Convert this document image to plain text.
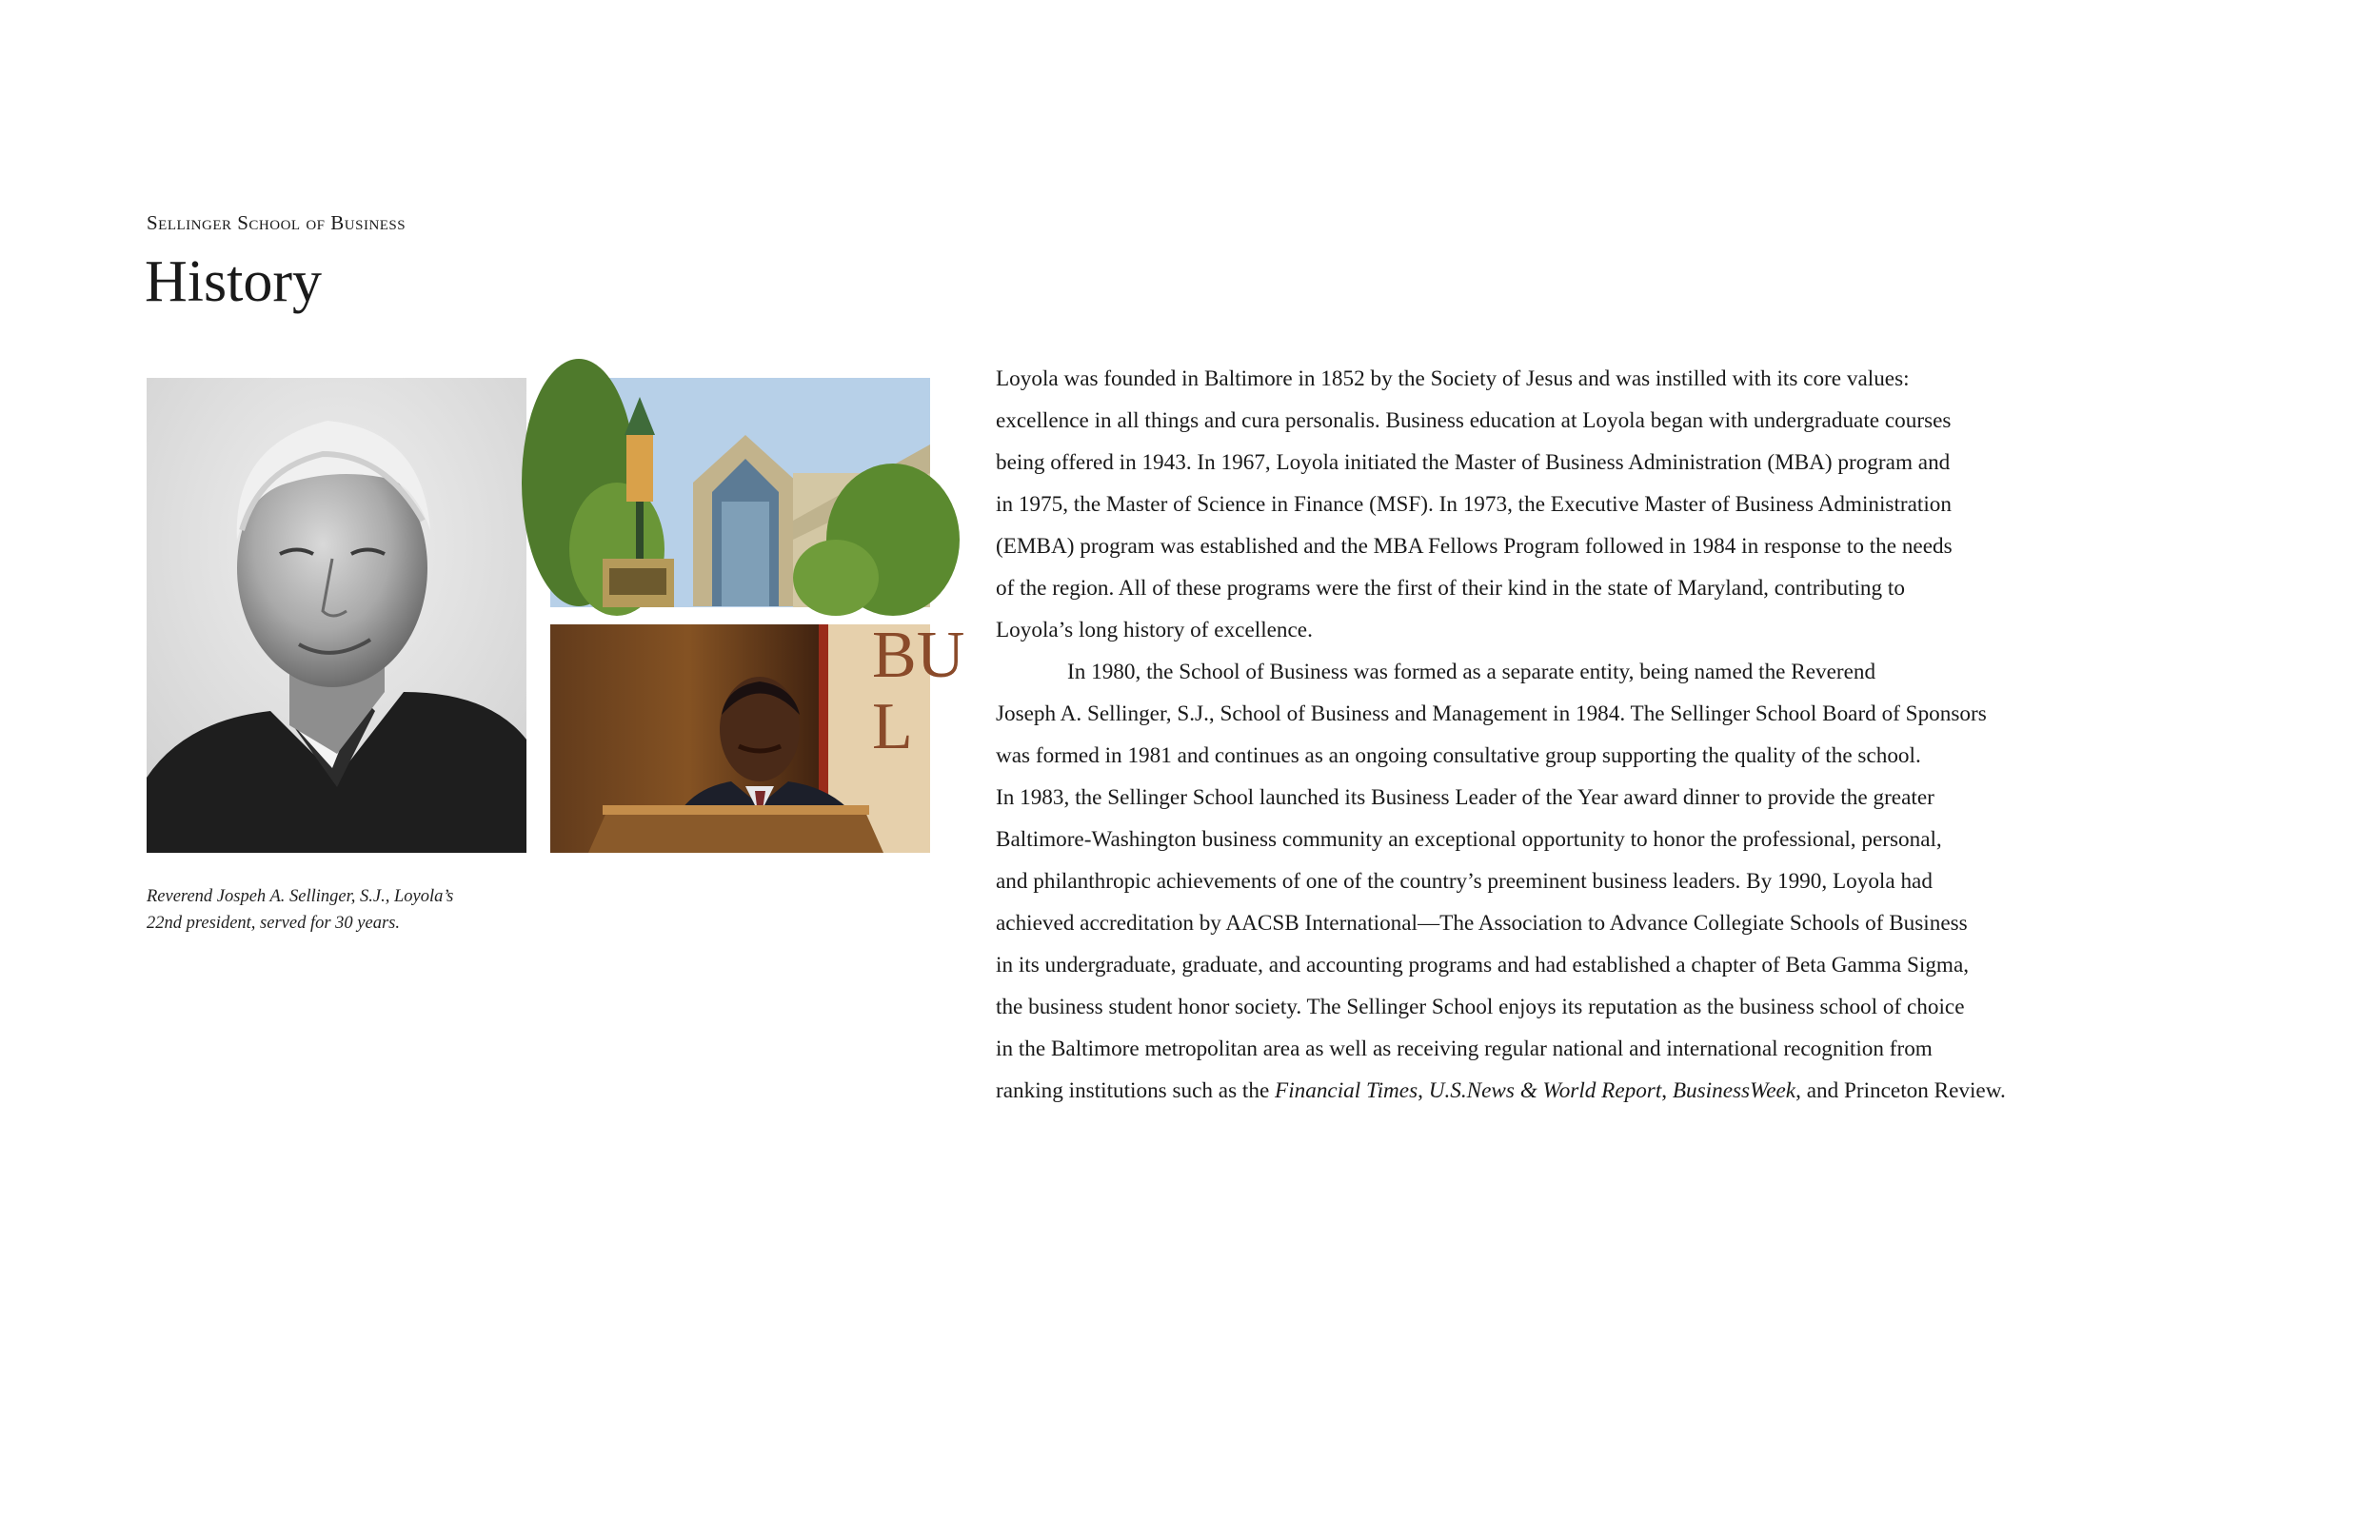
Sellinger School of Business
History
BU
L

Reverend Jospeh A. Sellinger, S.J., Loyola’s

22nd president, served for 30 years.

Loyola was founded in Baltimore in 1852 by the Society of Jesus and was instilled with its core values:
excellence in all things and cura personalis. Business education at Loyola began with undergraduate courses
being offered in 1943. In 1967, Loyola initiated the Master of Business Administration (MBA) program and
in 1975, the Master of Science in Finance (MSF). In 1973, the Executive Master of Business Administration
(EMBA) program was established and the MBA Fellows Program followed in 1984 in response to the needs
of the region. All of these programs were the first of their kind in the state of Maryland, contributing to
Loyola’s long history of excellence.

In 1980, the School of Business was formed as a separate entity, being named the Reverend
Joseph A. Sellinger, S.J., School of Business and Management in 1984. The Sellinger School Board of Sponsors
was formed in 1981 and continues as an ongoing consultative group supporting the quality of the school.
In 1983, the Sellinger School launched its Business Leader of the Year award dinner to provide the greater
Baltimore-Washington business community an exceptional opportunity to honor the professional, personal,
and philanthropic achievements of one of the country’s preeminent business leaders. By 1990, Loyola had
achieved accreditation by AACSB International—The Association to Advance Collegiate Schools of Business
in its undergraduate, graduate, and accounting programs and had established a chapter of Beta Gamma Sigma,
the business student honor society. The Sellinger School enjoys its reputation as the business school of choice
in the Baltimore metropolitan area as well as receiving regular national and international recognition from
ranking institutions such as the Financial Times, U.S.News & World Report, BusinessWeek, and Princeton Review.
